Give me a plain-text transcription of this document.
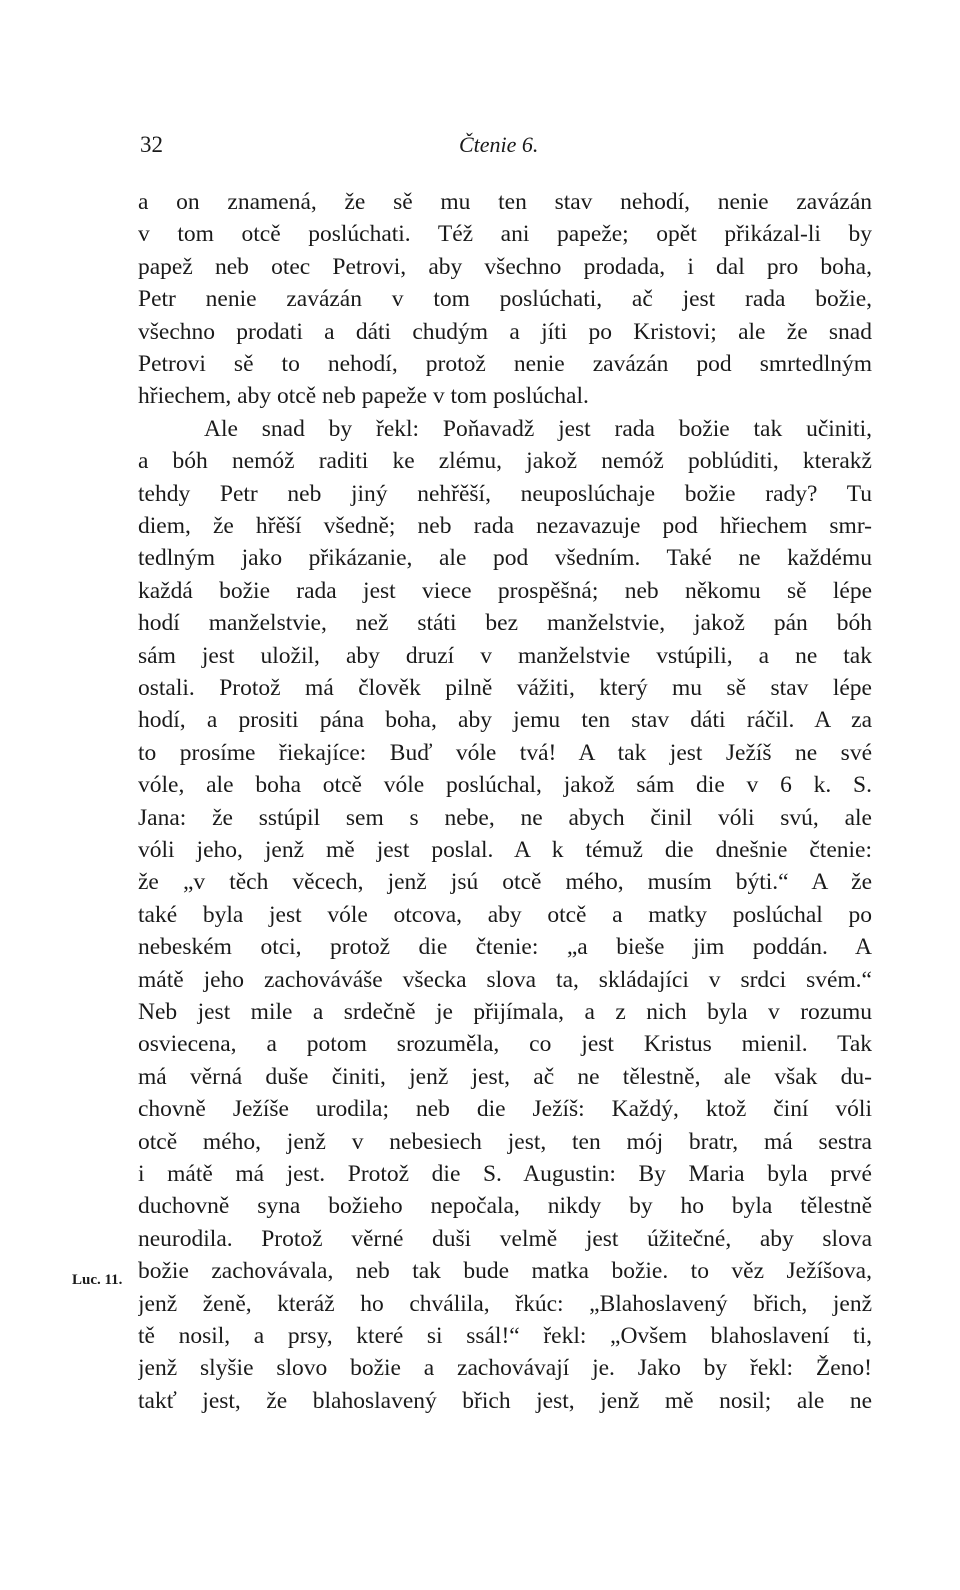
32	Čtenie 6.
Luc. 11.
a on znamená, že sě mu ten stav nehodí, nenie zavázán
v tom otcě poslúchati. Též ani papeže; opět přikázal-li by
papež neb otec Petrovi, aby všechno prodada, i dal pro boha,
Petr nenie zavázán v tom poslúchati, ač jest rada božie,
všechno prodati a dáti chudým a jíti po Kristovi; ale že snad
Petrovi sě to nehodí, protož nenie zavázán pod smrtedlným
hřiechem, aby otcě neb papeže v tom poslúchal.
Ale snad by řekl: Poňavadž jest rada božie tak učiniti,
a bóh nemóž raditi ke zlému, jakož nemóž poblúditi, kterakž
tehdy Petr neb jiný nehřěší, neuposlúchaje božie rady? Tu
diem, že hřěší všedně; neb rada nezavazuje pod hřiechem smr-
tedlným jako přikázanie, ale pod všedním. Také ne každému
každá božie rada jest viece prospěšná; neb někomu sě lépe
hodí manželstvie, než státi bez manželstvie, jakož pán bóh
sám jest uložil, aby druzí v manželstvie vstúpili, a ne tak
ostali. Protož má člověk pilně vážiti, který mu sě stav lépe
hodí, a prositi pána boha, aby jemu ten stav dáti ráčil. A za
to prosíme řiekajíce: Buď vóle tvá! A tak jest Ježíš ne své
vóle, ale boha otcě vóle poslúchal, jakož sám die v 6 k. S.
Jana: že sstúpil sem s nebe, ne abych činil vóli svú, ale
vóli jeho, jenž mě jest poslal. A k témuž die dnešnie čtenie:
že „v těch věcech, jenž jsú otcě mého, musím býti.“ A že
také byla jest vóle otcova, aby otcě a matky poslúchal po
nebeském otci, protož die čtenie: „a bieše jim poddán. A
mátě jeho zachováváše všecka slova ta, skládajíci v srdci svém.“
Neb jest mile a srdečně je přijímala, a z nich byla v rozumu
osviecena, a potom srozuměla, co jest Kristus mienil. Tak
má věrná duše činiti, jenž jest, ač ne tělestně, ale však du-
chovně Ježíše urodila; neb die Ježíš: Každý, ktož činí vóli
otcě mého, jenž v nebesiech jest, ten mój bratr, má sestra
i mátě má jest. Protož die S. Augustin: By Maria byla prvé
duchovně syna božieho nepočala, nikdy by ho byla tělestně
neurodila. Protož věrné duši velmě jest úžitečné, aby slova
božie zachovávala, neb tak bude matka božie. to věz Ježíšova,
jenž ženě, kteráž ho chválila, řkúc: „Blahoslavený břich, jenž
tě nosil, a prsy, které si ssál!“ řekl: „Ovšem blahoslavení ti,
jenž slyšie slovo božie a zachovávají je. Jako by řekl: Ženo!
takť jest, že blahoslavený břich jest, jenž mě nosil; ale ne
